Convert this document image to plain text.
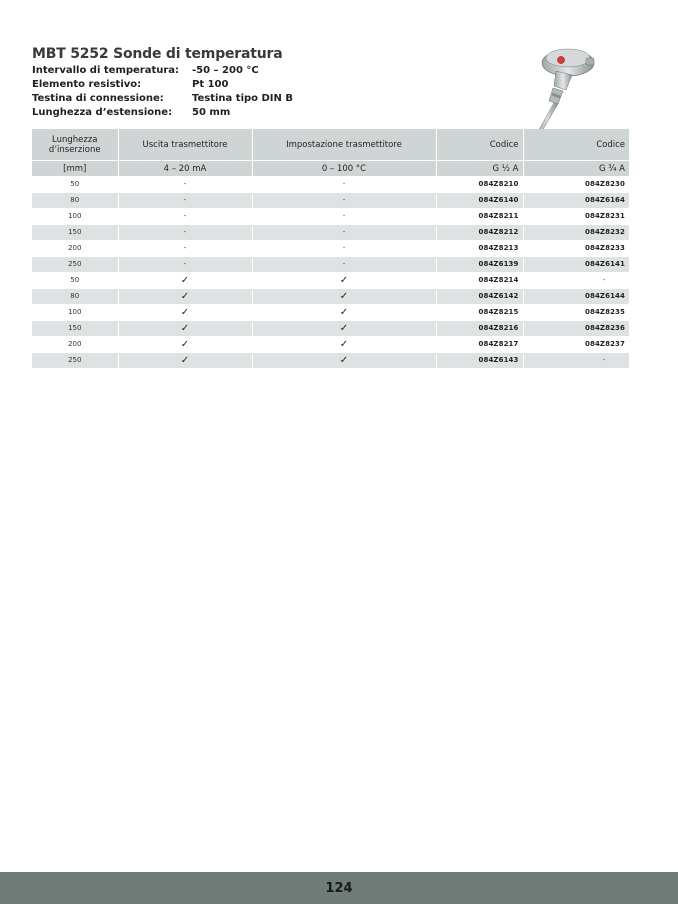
MBT 5252 Sonde di temperatura
Intervallo di temperatura:	-50 – 200 °C
Elemento resistivo:	Pt 100
Testina di connessione:	Testina tipo DIN B
Lunghezza d’estensione:	50 mm
Lunghezza d’inserzione	Uscita trasmettitore	Impostazione trasmettitore	Codice	Codice
[mm]	4 – 20 mA	0 – 100 °C	G ½ A	G ¾ A
50	-	-	084Z8210	084Z8230
80	-	-	084Z6140	084Z6164
100	-	-	084Z8211	084Z8231
150	-	-	084Z8212	084Z8232
200	-	-	084Z8213	084Z8233
250	-	-	084Z6139	084Z6141
50	✓	✓	084Z8214	-
80	✓	✓	084Z6142	084Z6144
100	✓	✓	084Z8215	084Z8235
150	✓	✓	084Z8216	084Z8236
200	✓	✓	084Z8217	084Z8237
250	✓	✓	084Z6143	-
124
